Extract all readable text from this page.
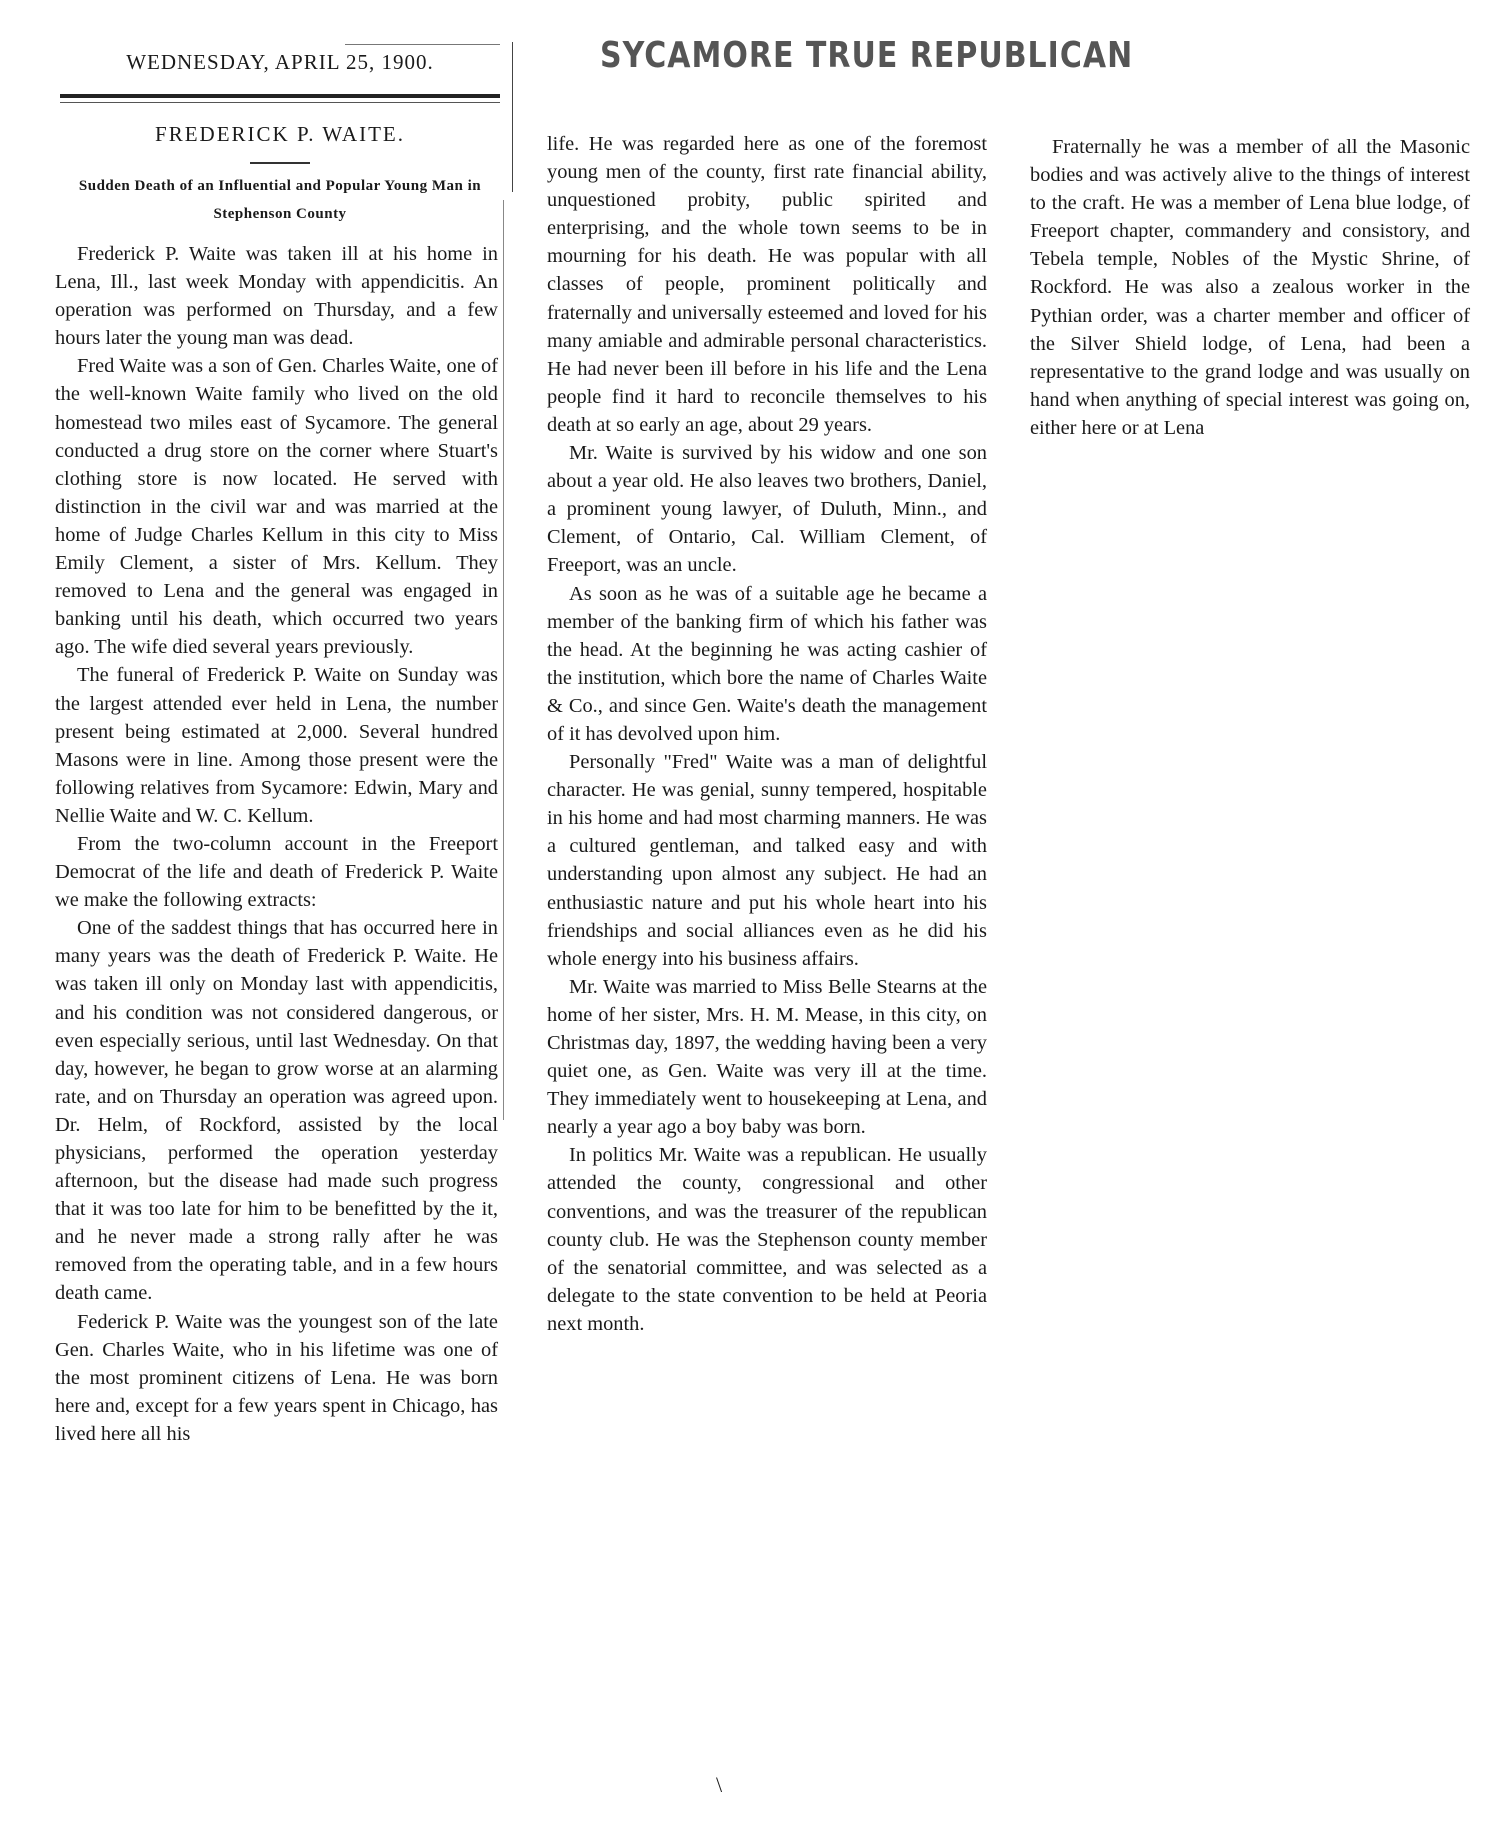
WEDNESDAY, APRIL 25, 1900.	SYCAMORE TRUE REPUBLICAN
FREDERICK P. WAITE.
Sudden Death of an Influential and Popular Young Man in Stephenson County

Frederick P. Waite was taken ill at his home in Lena, Ill., last week Monday with appendicitis. An operation was performed on Thursday, and a few hours later the young man was dead.

Fred Waite was a son of Gen. Charles Waite, one of the well-known Waite family who lived on the old homestead two miles east of Sycamore. The general conducted a drug store on the corner where Stuart's clothing store is now located. He served with distinction in the civil war and was married at the home of Judge Charles Kellum in this city to Miss Emily Clement, a sister of Mrs. Kellum. They removed to Lena and the general was engaged in banking until his death, which occurred two years ago. The wife died several years previously.

The funeral of Frederick P. Waite on Sunday was the largest attended ever held in Lena, the number present being estimated at 2,000. Several hundred Masons were in line. Among those present were the following relatives from Sycamore: Edwin, Mary and Nellie Waite and W. C. Kellum.

From the two-column account in the Freeport Democrat of the life and death of Frederick P. Waite we make the following extracts:

One of the saddest things that has occurred here in many years was the death of Frederick P. Waite. He was taken ill only on Monday last with appendicitis, and his condition was not considered dangerous, or even especially serious, until last Wednesday. On that day, however, he began to grow worse at an alarming rate, and on Thursday an operation was agreed upon. Dr. Helm, of Rockford, assisted by the local physicians, performed the operation yesterday afternoon, but the disease had made such progress that it was too late for him to be benefitted by the it, and he never made a strong rally after he was removed from the operating table, and in a few hours death came.

Federick P. Waite was the youngest son of the late Gen. Charles Waite, who in his lifetime was one of the most prominent citizens of Lena. He was born here and, except for a few years spent in Chicago, has lived here all his

life. He was regarded here as one of the foremost young men of the county, first rate financial ability, unquestioned probity, public spirited and enterprising, and the whole town seems to be in mourning for his death. He was popular with all classes of people, prominent politically and fraternally and universally esteemed and loved for his many amiable and admirable personal characteristics. He had never been ill before in his life and the Lena people find it hard to reconcile themselves to his death at so early an age, about 29 years.

Mr. Waite is survived by his widow and one son about a year old. He also leaves two brothers, Daniel, a prominent young lawyer, of Duluth, Minn., and Clement, of Ontario, Cal. William Clement, of Freeport, was an uncle.

As soon as he was of a suitable age he became a member of the banking firm of which his father was the head. At the beginning he was acting cashier of the institution, which bore the name of Charles Waite & Co., and since Gen. Waite's death the management of it has devolved upon him.

Personally "Fred" Waite was a man of delightful character. He was genial, sunny tempered, hospitable in his home and had most charming manners. He was a cultured gentleman, and talked easy and with understanding upon almost any subject. He had an enthusiastic nature and put his whole heart into his friendships and social alliances even as he did his whole energy into his business affairs.

Mr. Waite was married to Miss Belle Stearns at the home of her sister, Mrs. H. M. Mease, in this city, on Christmas day, 1897, the wedding having been a very quiet one, as Gen. Waite was very ill at the time. They immediately went to housekeeping at Lena, and nearly a year ago a boy baby was born.

In politics Mr. Waite was a republican. He usually attended the county, congressional and other conventions, and was the treasurer of the republican county club. He was the Stephenson county member of the senatorial committee, and was selected as a delegate to the state convention to be held at Peoria next month.

Fraternally he was a member of all the Masonic bodies and was actively alive to the things of interest to the craft. He was a member of Lena blue lodge, of Freeport chapter, commandery and consistory, and Tebela temple, Nobles of the Mystic Shrine, of Rockford. He was also a zealous worker in the Pythian order, was a charter member and officer of the Silver Shield lodge, of Lena, had been a representative to the grand lodge and was usually on hand when anything of special interest was going on, either here or at Lena

\
